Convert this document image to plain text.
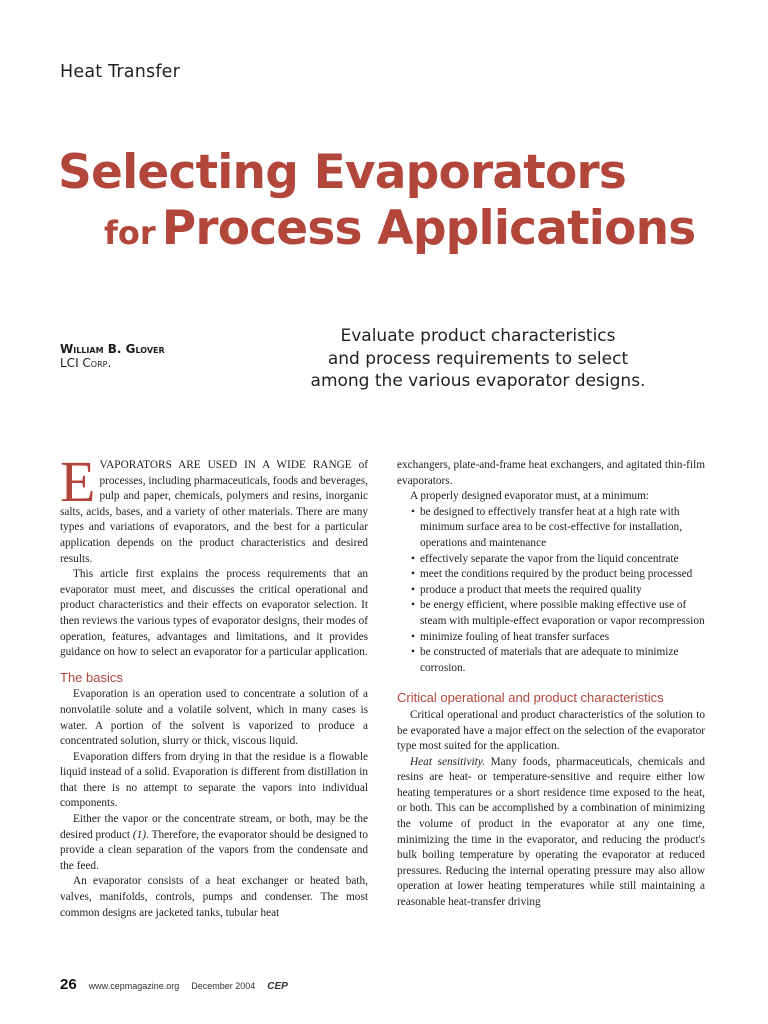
Heat Transfer
Selecting Evaporators
for Process Applications
William B. Glover
LCI Corp.
Evaluate product characteristics
and process requirements to select
among the various evaporator designs.

EVAPORATORS ARE USED IN A WIDE RANGE of processes, including pharmaceuticals, foods and beverages, pulp and paper, chemicals, polymers and resins, inorganic salts, acids, bases, and a variety of other materials. There are many types and variations of evaporators, and the best for a particular application depends on the product characteristics and desired results.

This article first explains the process requirements that an evaporator must meet, and discusses the critical operational and product characteristics and their effects on evaporator selection. It then reviews the various types of evaporator designs, their modes of operation, features, advantages and limitations, and it provides guidance on how to select an evaporator for a particular application.

The basics

Evaporation is an operation used to concentrate a solution of a nonvolatile solute and a volatile solvent, which in many cases is water. A portion of the solvent is vaporized to produce a concentrated solution, slurry or thick, viscous liquid.

Evaporation differs from drying in that the residue is a flowable liquid instead of a solid. Evaporation is different from distillation in that there is no attempt to separate the vapors into individual components.

Either the vapor or the concentrate stream, or both, may be the desired product (1). Therefore, the evaporator should be designed to provide a clean separation of the vapors from the condensate and the feed.

An evaporator consists of a heat exchanger or heated bath, valves, manifolds, controls, pumps and condenser. The most common designs are jacketed tanks, tubular heat

exchangers, plate-and-frame heat exchangers, and agitated thin-film evaporators.

A properly designed evaporator must, at a minimum:

• be designed to effectively transfer heat at a high rate with minimum surface area to be cost-effective for installation, operations and maintenance
• effectively separate the vapor from the liquid concentrate
• meet the conditions required by the product being processed
• produce a product that meets the required quality
• be energy efficient, where possible making effective use of steam with multiple-effect evaporation or vapor recompression
• minimize fouling of heat transfer surfaces
• be constructed of materials that are adequate to minimize corrosion.
Critical operational and product characteristics

Critical operational and product characteristics of the solution to be evaporated have a major effect on the selection of the evaporator type most suited for the application.

Heat sensitivity. Many foods, pharmaceuticals, chemicals and resins are heat- or temperature-sensitive and require either low heating temperatures or a short residence time exposed to the heat, or both. This can be accomplished by a combination of minimizing the volume of product in the evaporator at any one time, minimizing the time in the evaporator, and reducing the product's bulk boiling temperature by operating the evaporator at reduced pressures. Reducing the internal operating pressure may also allow operation at lower heating temperatures while still maintaining a reasonable heat-transfer driving

26 www.cepmagazine.org December 2004 CEP
